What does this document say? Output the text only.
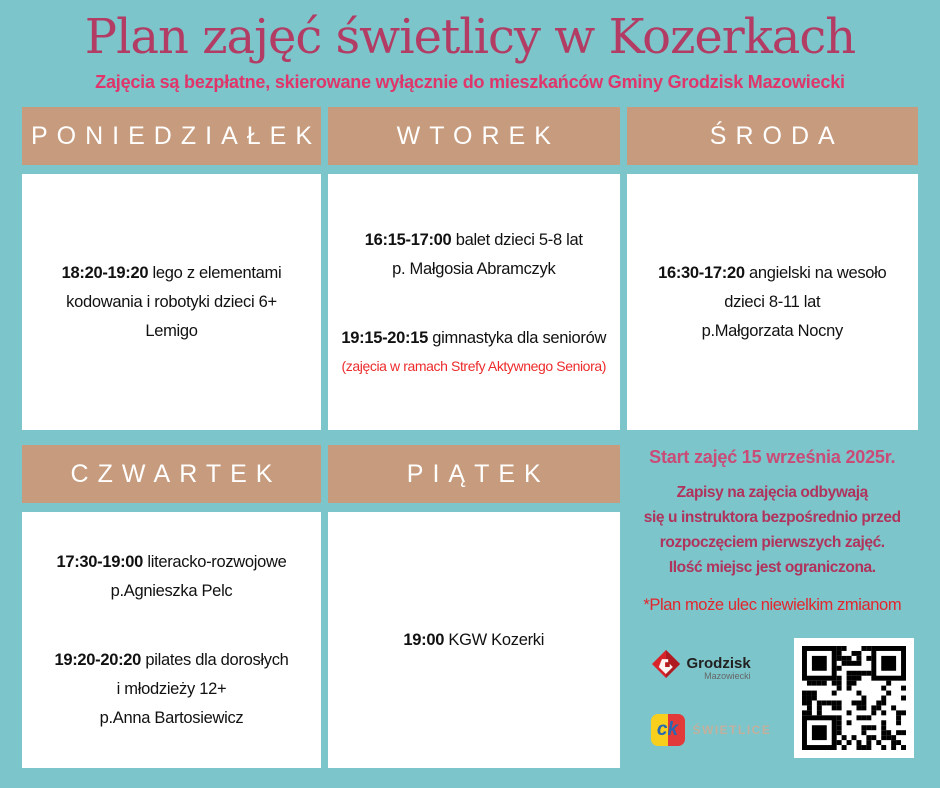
Plan zajęć świetlicy w Kozerkach
Zajęcia są bezpłatne, skierowane wyłącznie do mieszkańców Gminy Grodzisk Mazowiecki
PONIEDZIAŁEK

18:20-19:20 lego z elementami

kodowania i robotyki dzieci 6+

Lemigo

WTOREK

16:15-17:00 balet dzieci 5-8 lat

p. Małgosia Abramczyk

19:15-20:15 gimnastyka dla seniorów

(zajęcia w ramach Strefy Aktywnego Seniora)

ŚRODA

16:30-17:20 angielski na wesoło

dzieci 8-11 lat

p.Małgorzata Nocny

CZWARTEK

17:30-19:00 literacko-rozwojowe

p.Agnieszka Pelc

19:20-20:20 pilates dla dorosłych

i młodzieży 12+

p.Anna Bartosiewicz

PIĄTEK

19:00 KGW Kozerki

Start zajęć 15 września 2025r.
Zapisy na zajęcia odbywają
się u instruktora bezpośrednio przed
rozpoczęciem pierwszych zajęć.
Ilość miejsc jest ograniczona.
*Plan może ulec niewielkim zmianom
Grodzisk
Mazowiecki
ck	ŚWIETLICE
